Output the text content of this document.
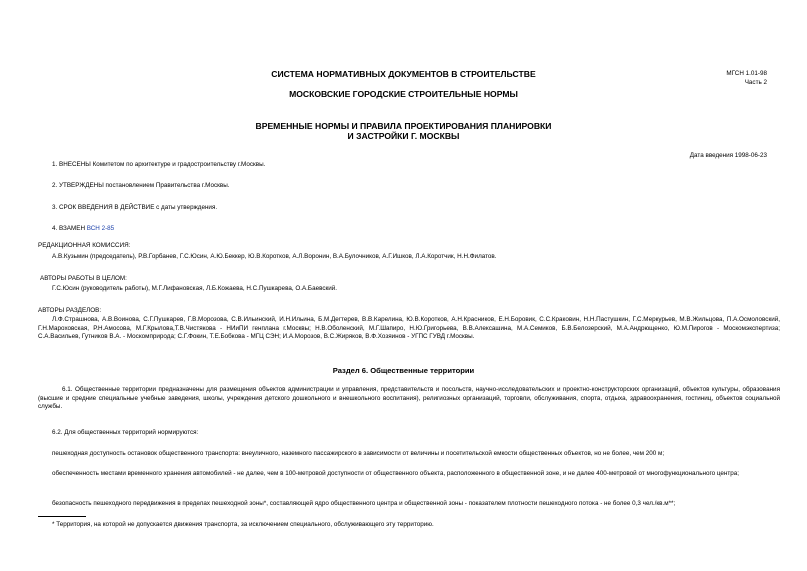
МГСН 1.01-98
Часть 2
СИСТЕМА НОРМАТИВНЫХ ДОКУМЕНТОВ В СТРОИТЕЛЬСТВЕ
МОСКОВСКИЕ ГОРОДСКИЕ СТРОИТЕЛЬНЫЕ НОРМЫ
ВРЕМЕННЫЕ НОРМЫ И ПРАВИЛА ПРОЕКТИРОВАНИЯ ПЛАНИРОВКИ
И ЗАСТРОЙКИ Г. МОСКВЫ
Дата введения 1998-06-23
1. ВНЕСЕНЫ Комитетом по архитектуре и градостроительству г.Москвы.
2. УТВЕРЖДЕНЫ постановлением Правительства г.Москвы.
3. СРОК ВВЕДЕНИЯ В ДЕЙСТВИЕ с даты утверждения.
4. ВЗАМЕН ВСН 2-85
РЕДАКЦИОННАЯ КОМИССИЯ:
А.В.Кузьмин (председатель), Р.В.Горбанев, Г.С.Юсин, А.Ю.Беккер, Ю.В.Коротков, А.Л.Воронин, В.А.Булочников, А.Г.Ишков, Л.А.Коротчик, Н.Н.Филатов.
АВТОРЫ РАБОТЫ В ЦЕЛОМ:
Г.С.Юсин (руководитель работы), М.Г.Лифановская, Л.Б.Кожаева, Н.С.Пушкарева, О.А.Баевский.
АВТОРЫ РАЗДЕЛОВ:
Л.Ф.Страшнова, А.В.Воинова, С.Г.Пушкарев, Г.В.Морозова, С.В.Ильинский, И.Н.Ильина, Б.М.Дегтерев, В.В.Карелина, Ю.В.Коротков, А.Н.Красников, Е.Н.Боровик, С.С.Краковин, Н.Н.Пастушкин, Г.С.Меркурьев, М.В.Жильцова, П.А.Осмоловский, Г.Н.Мароховская, Р.Н.Амосова, М.Г.Крылова,Т.В.Чистякова - НИиПИ генплана г.Москвы; Н.В.Оболенский, М.Г.Шапиро, Н.Ю.Григорьева, В.В.Алексашина, М.А.Семиков, Б.В.Белозерский, М.А.Андрющенко, Ю.М.Пирогов - Москомэкспертиза; С.А.Васильев, Гутников В.А. - Москомприрода; С.Г.Фокин, Т.Е.Бобкова - МГЦ СЭН; И.А.Морозов, В.С.Жиряков, В.Ф.Хозяинов - УГПС ГУВД г.Москвы.
Раздел 6. Общественные территории
6.1. Общественные территории предназначены для размещения объектов администрации и управления, представительств и посольств, научно-исследовательских и проектно-конструкторских организаций, объектов культуры, образования (высшие и средние специальные учебные заведения, школы, учреждения детского дошкольного и внешкольного воспитания), религиозных организаций, торговли, обслуживания, спорта, отдыха, здравоохранения, гостиниц, объектов социальной службы.
6.2. Для общественных территорий нормируются:
пешеходная доступность остановок общественного транспорта: внеуличного, наземного пассажирского в зависимости от величины и посетительской емкости общественных объектов, но не более, чем 200 м;
обеспеченность местами временного хранения автомобилей - не далее, чем в 100-метровой доступности от общественного объекта, расположенного в общественной зоне, и не далее 400-метровой от многофункционального центра;
безопасность пешеходного передвижения в пределах пешеходной зоны*, составляющей ядро общественного центра и общественной зоны - показателем плотности пешеходного потока - не более 0,3 чел./кв.м**;
* Территория, на которой не допускается движения транспорта, за исключением специального, обслуживающего эту территорию.
